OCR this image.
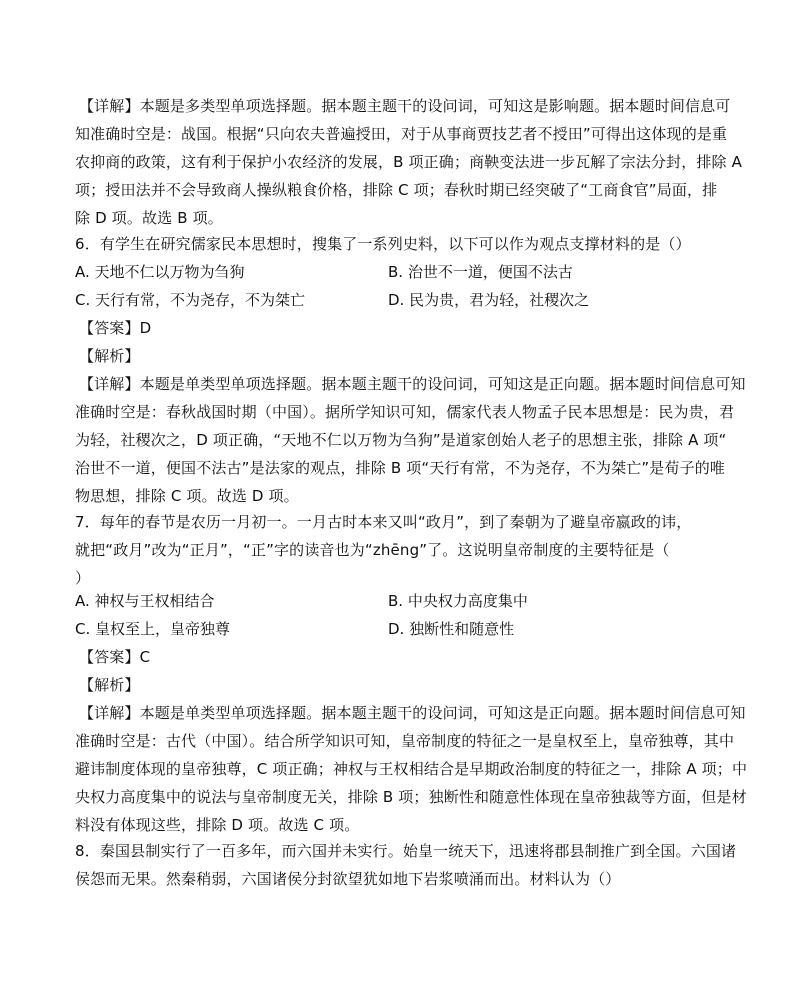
【详解】本题是多类型单项选择题。据本题主题干的设问词，可知这是影响题。据本题时间信息可
知准确时空是：战国。根据“只向农夫普遍授田，对于从事商贾技艺者不授田”可得出这体现的是重
农抑商的政策，这有利于保护小农经济的发展，B 项正确；商鞅变法进一步瓦解了宗法分封，排除 A
项；授田法并不会导致商人操纵粮食价格，排除 C 项；春秋时期已经突破了“工商食官”局面，排
除 D 项。故选 B 项。
6．有学生在研究儒家民本思想时，搜集了一系列史料，以下可以作为观点支撑材料的是（）
A. 天地不仁以万物为刍狗	B. 治世不一道，便国不法古
C. 天行有常，不为尧存，不为桀亡	D. 民为贵，君为轻，社稷次之
【答案】D
【解析】
【详解】本题是单类型单项选择题。据本题主题干的设问词，可知这是正向题。据本题时间信息可知
准确时空是：春秋战国时期（中国）。据所学知识可知，儒家代表人物孟子民本思想是：民为贵，君
为轻，社稷次之，D 项正确，“天地不仁以万物为刍狗”是道家创始人老子的思想主张，排除 A 项“
治世不一道，便国不法古”是法家的观点，排除 B 项“天行有常，不为尧存，不为桀亡”是荀子的唯
物思想，排除 C 项。故选 D 项。
7．每年的春节是农历一月初一。一月古时本来又叫“政月”，到了秦朝为了避皇帝嬴政的讳，
就把“政月”改为“正月”，“正”字的读音也为“zhēng”了。这说明皇帝制度的主要特征是（
）
A. 神权与王权相结合	B. 中央权力高度集中
C. 皇权至上，皇帝独尊	D. 独断性和随意性
【答案】C
【解析】
【详解】本题是单类型单项选择题。据本题主题干的设问词，可知这是正向题。据本题时间信息可知
准确时空是：古代（中国）。结合所学知识可知，皇帝制度的特征之一是皇权至上，皇帝独尊，其中
避讳制度体现的皇帝独尊，C 项正确；神权与王权相结合是早期政治制度的特征之一，排除 A 项；中
央权力高度集中的说法与皇帝制度无关，排除 B 项；独断性和随意性体现在皇帝独裁等方面，但是材
料没有体现这些，排除 D 项。故选 C 项。
8．秦国县制实行了一百多年，而六国并未实行。始皇一统天下，迅速将郡县制推广到全国。六国诸
侯怨而无果。然秦稍弱，六国诸侯分封欲望犹如地下岩浆喷涌而出。材料认为（）
